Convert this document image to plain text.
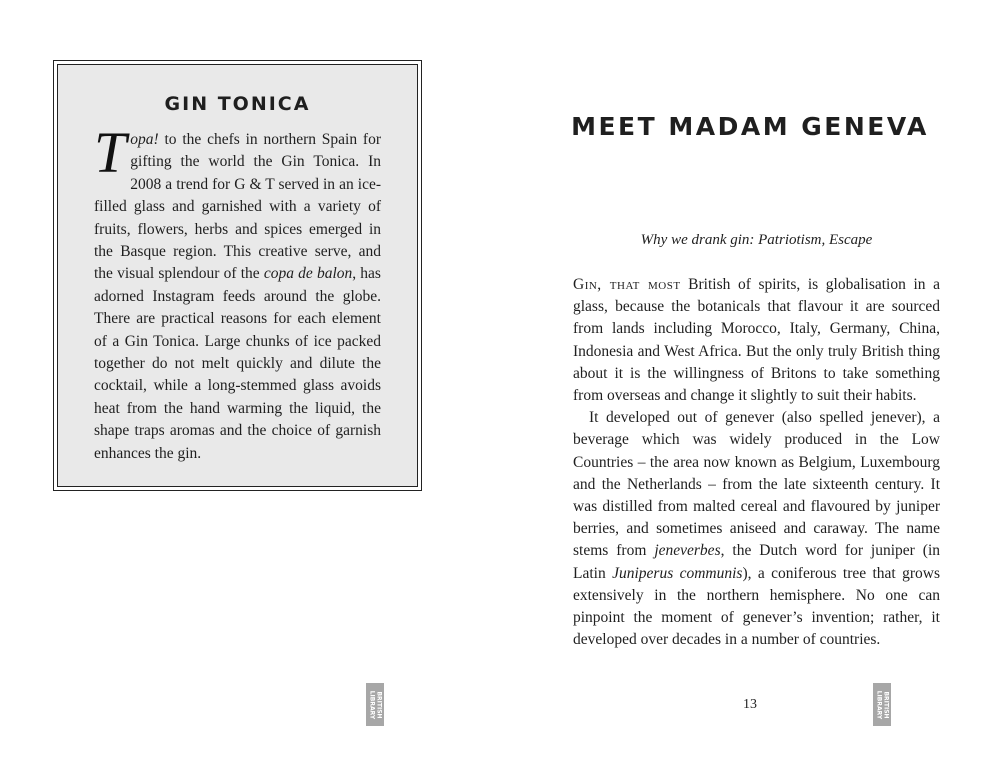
GIN TONICA

Topa! to the chefs in northern Spain for gifting the world the Gin Tonica. In 2008 a trend for G & T served in an ice-filled glass and garnished with a variety of fruits, flowers, herbs and spices emerged in the Basque region. This creative serve, and the visual splendour of the copa de balon, has adorned Instagram feeds around the globe. There are practical reasons for each element of a Gin Tonica. Large chunks of ice packed together do not melt quickly and dilute the cocktail, while a long-stemmed glass avoids heat from the hand warming the liquid, the shape traps aromas and the choice of garnish enhances the gin.

BRITISH
LIBRARY
MEET MADAM GENEVA

Why we drank gin: Patriotism, Escape

Gin, that most British of spirits, is globalisation in a glass, because the botanicals that flavour it are sourced from lands including Morocco, Italy, Germany, China, Indonesia and West Africa. But the only truly British thing about it is the willingness of Britons to take something from overseas and change it slightly to suit their habits.

It developed out of genever (also spelled jenever), a beverage which was widely produced in the Low Countries – the area now known as Belgium, Luxembourg and the Netherlands – from the late sixteenth century. It was distilled from malted cereal and flavoured by juniper berries, and sometimes aniseed and caraway. The name stems from jeneverbes, the Dutch word for juniper (in Latin Juniperus communis), a coniferous tree that grows extensively in the northern hemisphere. No one can pinpoint the moment of genever’s invention; rather, it developed over decades in a number of countries.

13	BRITISH
LIBRARY
